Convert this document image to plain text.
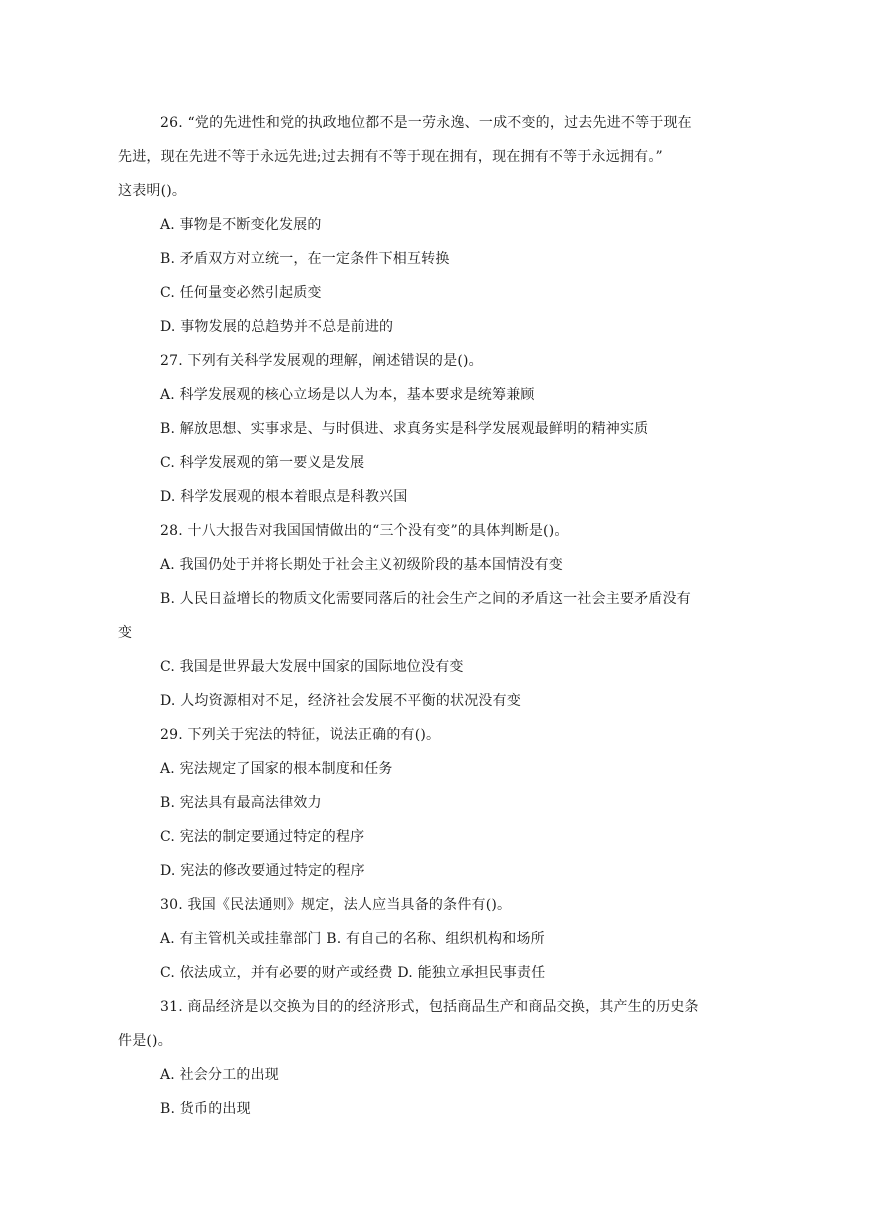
26. “党的先进性和党的执政地位都不是一劳永逸、一成不变的，过去先进不等于现在
先进，现在先进不等于永远先进;过去拥有不等于现在拥有，现在拥有不等于永远拥有。”
这表明()。
A. 事物是不断变化发展的
B. 矛盾双方对立统一，在一定条件下相互转换
C. 任何量变必然引起质变
D. 事物发展的总趋势并不总是前进的
27. 下列有关科学发展观的理解，阐述错误的是()。
A. 科学发展观的核心立场是以人为本，基本要求是统筹兼顾
B. 解放思想、实事求是、与时俱进、求真务实是科学发展观最鲜明的精神实质
C. 科学发展观的第一要义是发展
D. 科学发展观的根本着眼点是科教兴国
28. 十八大报告对我国国情做出的“三个没有变”的具体判断是()。
A. 我国仍处于并将长期处于社会主义初级阶段的基本国情没有变
B. 人民日益增长的物质文化需要同落后的社会生产之间的矛盾这一社会主要矛盾没有
变
C. 我国是世界最大发展中国家的国际地位没有变
D. 人均资源相对不足，经济社会发展不平衡的状况没有变
29. 下列关于宪法的特征，说法正确的有()。
A. 宪法规定了国家的根本制度和任务
B. 宪法具有最高法律效力
C. 宪法的制定要通过特定的程序
D. 宪法的修改要通过特定的程序
30. 我国《民法通则》规定，法人应当具备的条件有()。
A. 有主管机关或挂靠部门 B. 有自己的名称、组织机构和场所
C. 依法成立，并有必要的财产或经费 D. 能独立承担民事责任
31. 商品经济是以交换为目的的经济形式，包括商品生产和商品交换，其产生的历史条
件是()。
A. 社会分工的出现
B. 货币的出现
